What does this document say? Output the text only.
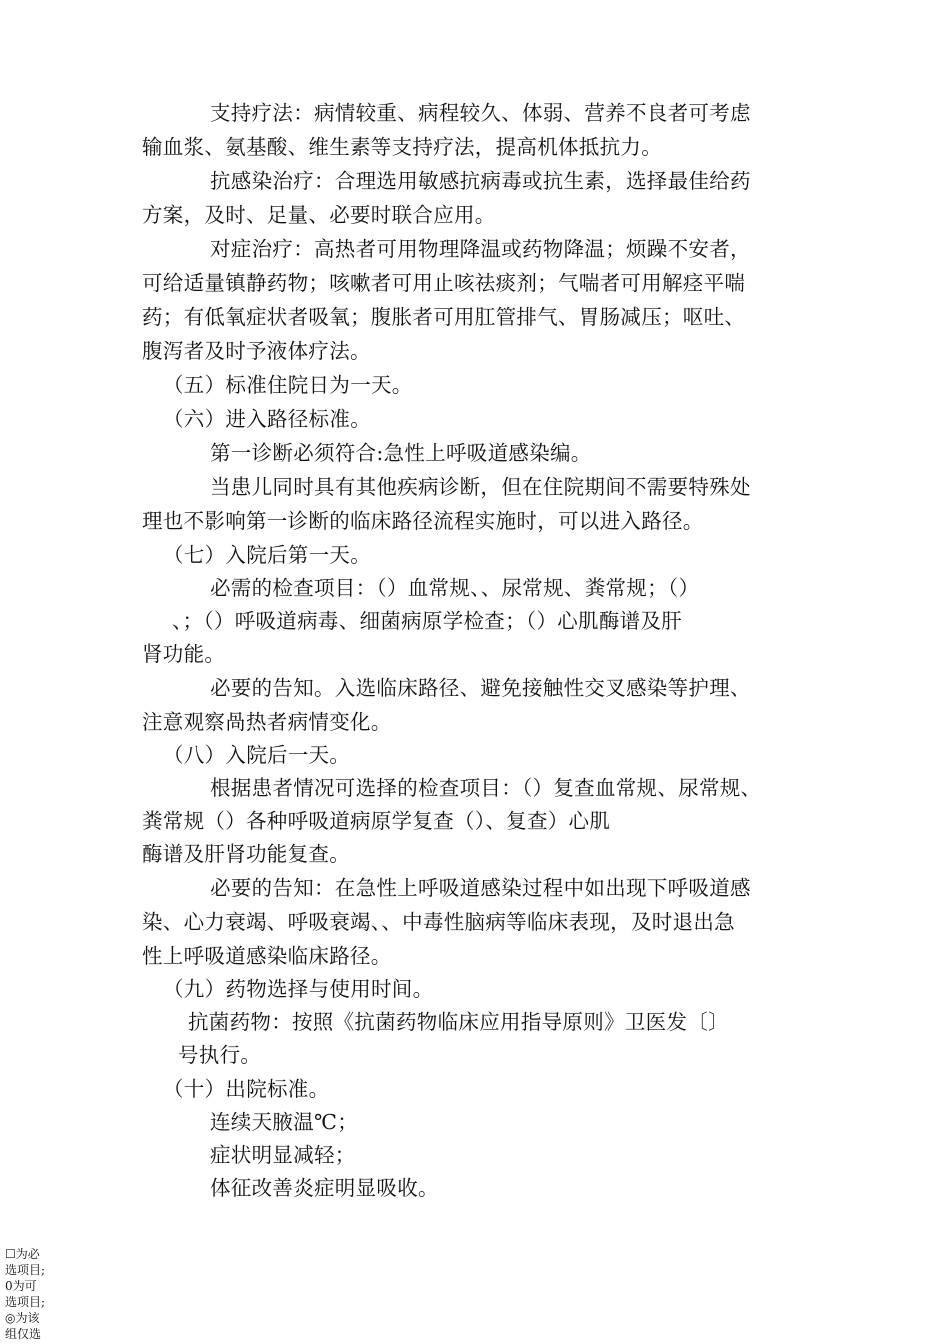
支持疗法：病情较重、病程较久、体弱、营养不良者可考虑
输血浆、氨基酸、维生素等支持疗法，提高机体抵抗力。
抗感染治疗：合理选用敏感抗病毒或抗生素，选择最佳给药
方案，及时、足量、必要时联合应用。
对症治疗：高热者可用物理降温或药物降温；烦躁不安者，
可给适量镇静药物；咳嗽者可用止咳祛痰剂；气喘者可用解痉平喘
药；有低氧症状者吸氧；腹胀者可用肛管排气、胃肠减压；呕吐、
腹泻者及时予液体疗法。
（五）标准住院日为一天。
（六）进入路径标准。
第一诊断必须符合:急性上呼吸道感染编。
当患儿同时具有其他疾病诊断，但在住院期间不需要特殊处
理也不影响第一诊断的临床路径流程实施时，可以进入路径。
（七）入院后第一天。
必需的检查项目：（）血常规、、尿常规、粪常规；（）
、；（）呼吸道病毒、细菌病原学检查；（）心肌酶谱及肝
肾功能。
必要的告知。入选临床路径、避免接触性交叉感染等护理、
注意观察咼热者病情变化。
（八）入院后一天。
根据患者情况可选择的检查项目：（）复查血常规、尿常规、
粪常规（）各种呼吸道病原学复查（）、复查）心肌
酶谱及肝肾功能复查。
必要的告知：在急性上呼吸道感染过程中如出现下呼吸道感
染、心力衰竭、呼吸衰竭、、中毒性脑病等临床表现，及时退出急
性上呼吸道感染临床路径。
（九）药物选择与使用时间。
抗菌药物：按照《抗菌药物临床应用指导原则》卫医发〔〕
号执行。
（十）出院标准。
连续天腋温℃；
症状明显减轻；
体征改善炎症明显吸收。
☐为必
选项目;
0为可
选项目;
◎为该
组仅选
